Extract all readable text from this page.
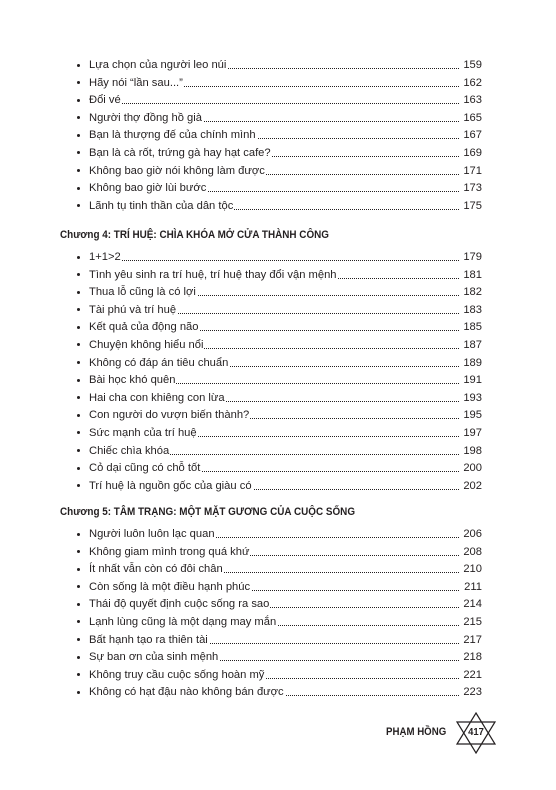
Lựa chọn của người leo núi	159
Hãy nói “lần sau...”	162
Đổi vé	163
Người thợ đồng hồ già	165
Bạn là thượng đế của chính mình	167
Bạn là cà rốt, trứng gà hay hạt cafe?	169
Không bao giờ nói không làm được	171
Không bao giờ lùi bước	173
Lãnh tụ tinh thần của dân tộc	175
Chương 4: TRÍ HUỆ: CHÌA KHÓA MỞ CỬA THÀNH CÔNG
1+1>2	179
Tình yêu sinh ra trí huệ, trí huệ thay đổi vận mệnh	181
Thua lỗ cũng là có lợi	182
Tài phú và trí huệ	183
Kết quả của động não	185
Chuyện không hiểu nổi	187
Không có đáp án tiêu chuẩn	189
Bài học khó quên	191
Hai cha con khiêng con lừa	193
Con người do vượn biến thành?	195
Sức mạnh của trí huệ	197
Chiếc chìa khóa	198
Cỏ dại cũng có chỗ tốt	200
Trí huệ là nguồn gốc của giàu có	202
Chương 5: TÂM TRẠNG: MỘT MẶT GƯƠNG CỦA CUỘC SỐNG
Người luôn luôn lạc quan	206
Không giam mình trong quá khứ	208
Ít nhất vẫn còn có đôi chân	210
Còn sống là một điều hạnh phúc	211
Thái độ quyết định cuộc sống ra sao	214
Lạnh lùng cũng là một dạng may mắn	215
Bất hạnh tạo ra thiên tài	217
Sự ban ơn của sinh mệnh	218
Không truy cầu cuộc sống hoàn mỹ	221
Không có hạt đậu nào không bán được	223
PHẠM HỒNG	417
